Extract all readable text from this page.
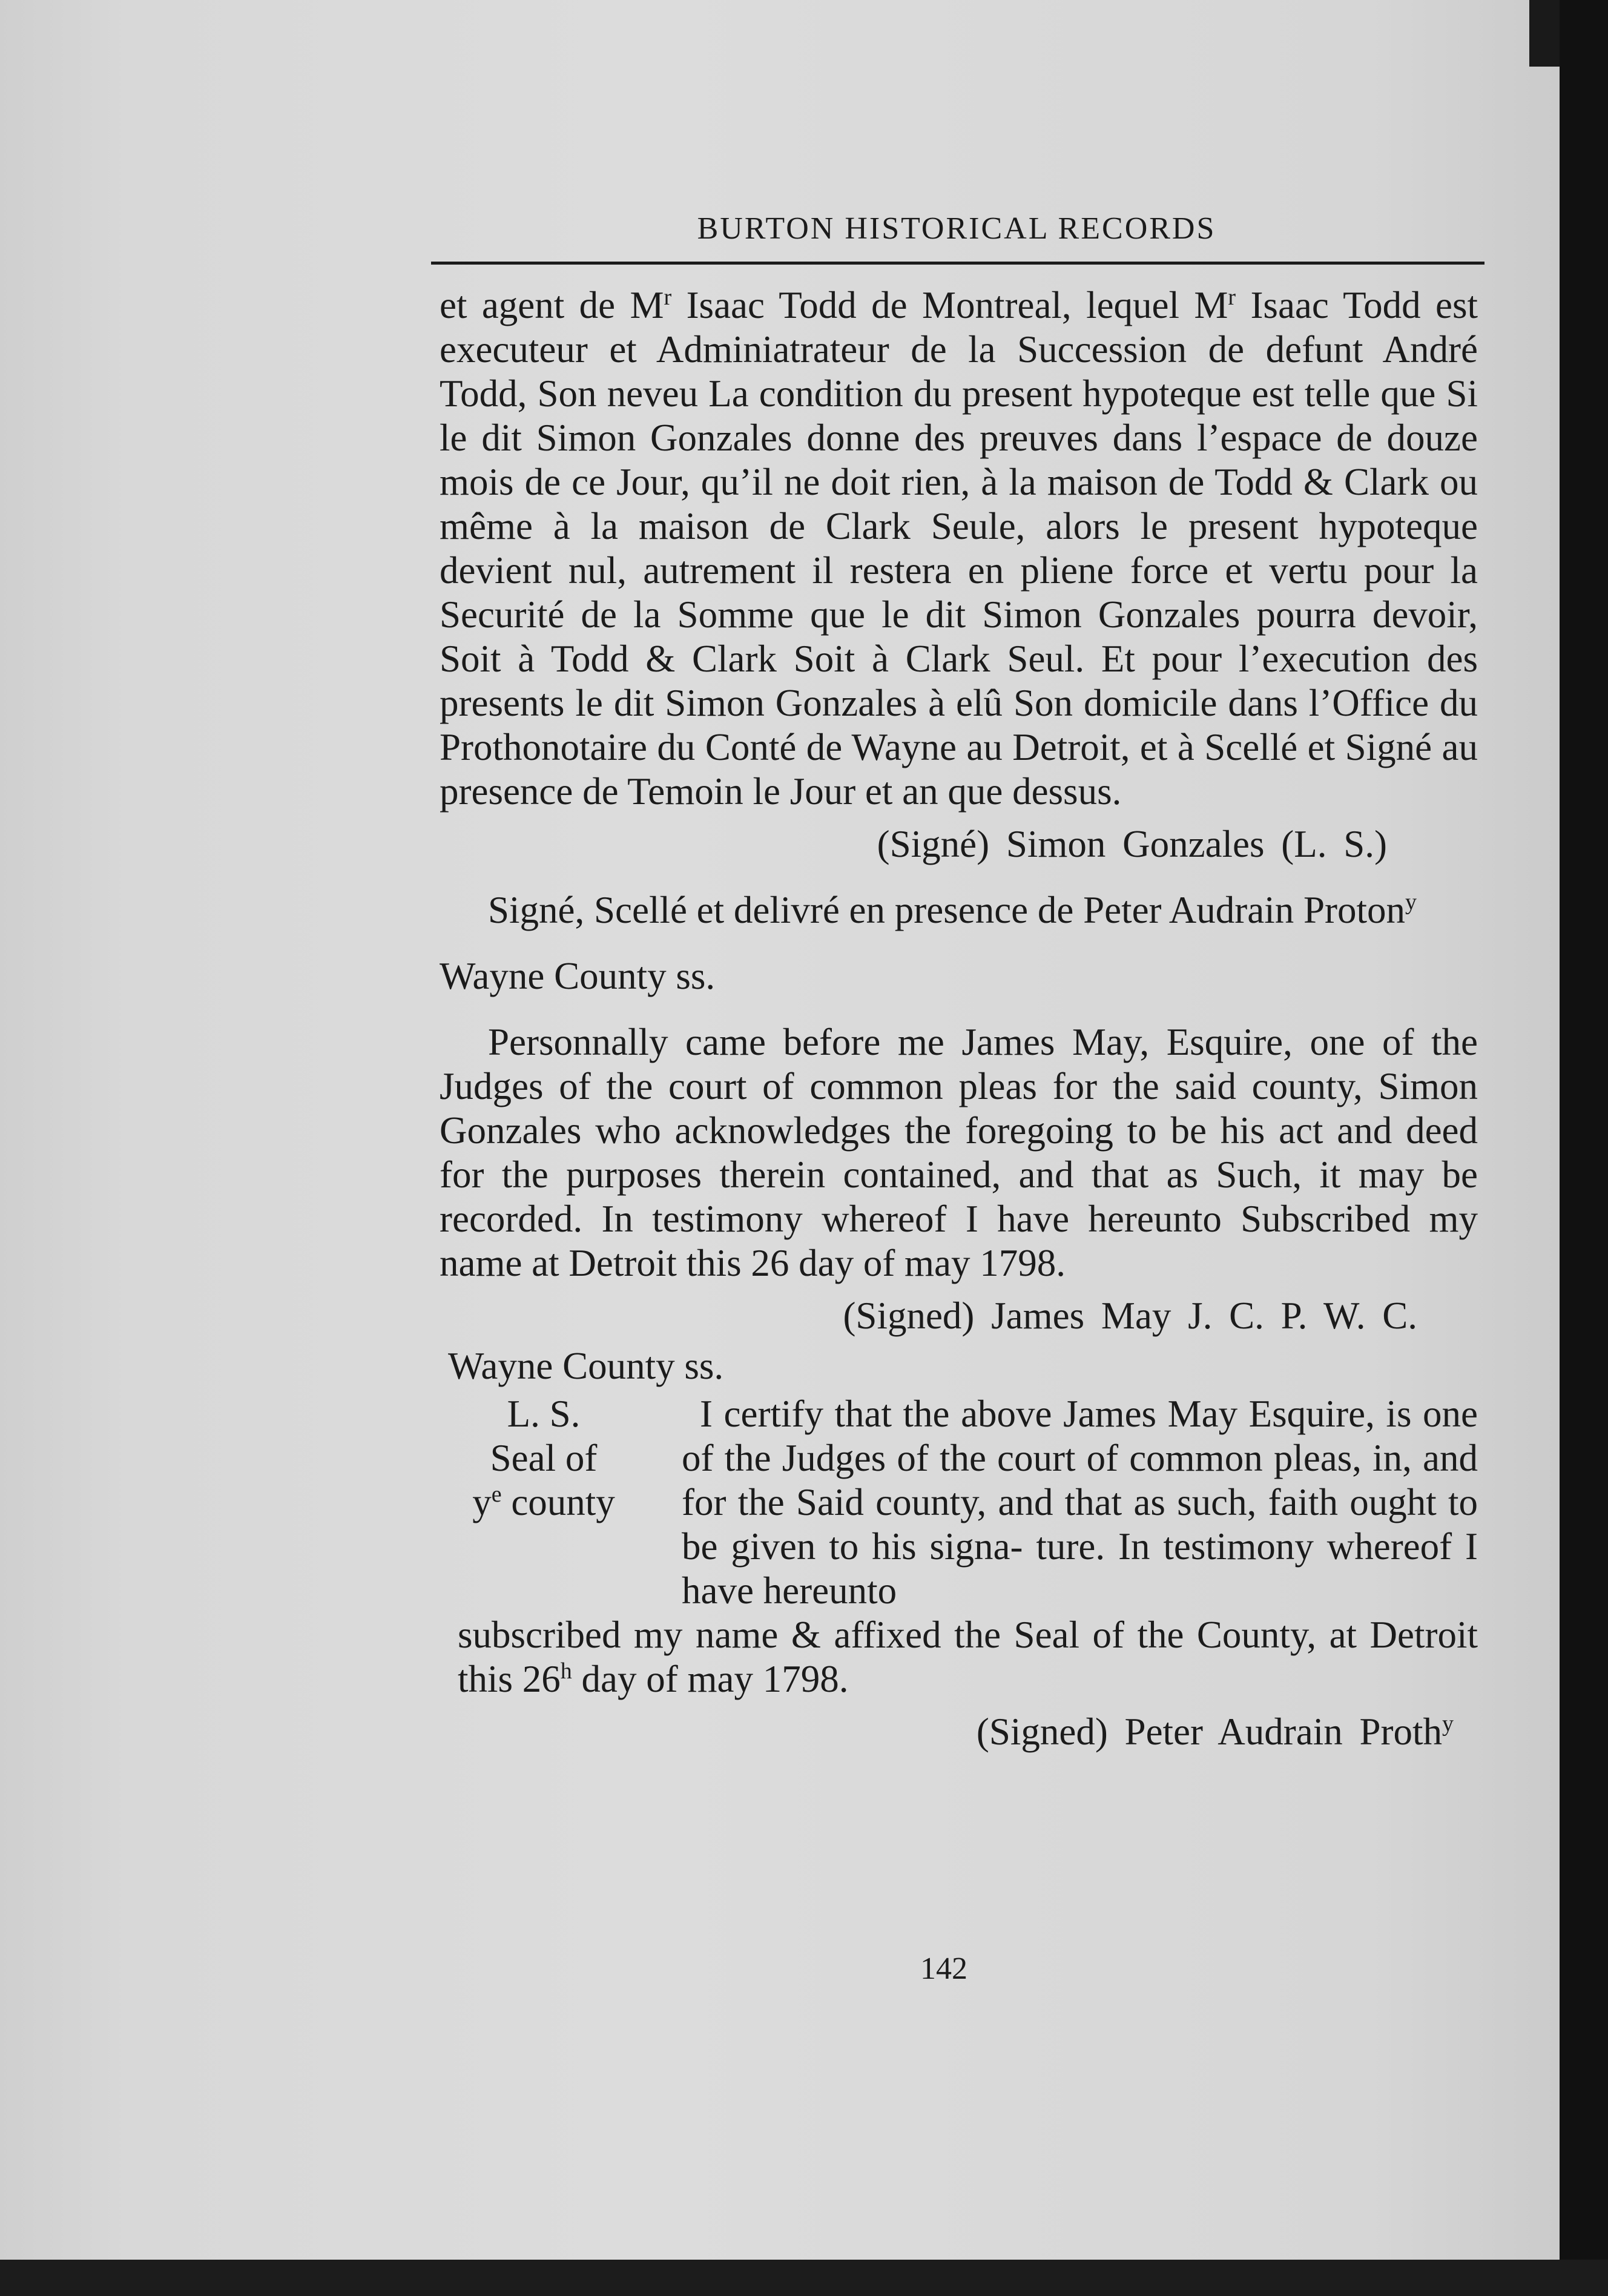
BURTON HISTORICAL RECORDS

et agent de $M^r$ Isaac Todd de Montreal, lequel $M^r$ Isaac Todd est executeur et Adminiatrateur de la Succession de defunt André Todd, Son neveu La condition du present hypoteque est telle que Si le dit Simon Gonzales donne des preuves dans l’espace de douze mois de ce Jour, qu’il ne doit rien, à la maison de Todd & Clark ou même à la maison de Clark Seule, alors le present hypoteque devient nul, autrement il restera en pliene force et vertu pour la Securité de la Somme que le dit Simon Gonzales pourra devoir, Soit à Todd & Clark Soit à Clark Seul. Et pour l’execution des presents le dit Simon Gonzales à elû Son domicile dans l’Office du Prothonotaire du Conté de Wayne au Detroit, et à Scellé et Signé au presence de Temoin le Jour et an que dessus.

(Signé) Simon Gonzales (L. S.)

Signé, Scellé et delivré en presence de Peter Audrain Proton$^y$

Wayne County ss.

Personnally came before me James May, Esquire, one of the Judges of the court of common pleas for the said county, Simon Gonzales who acknowledges the foregoing to be his act and deed for the purposes therein contained, and that as Such, it may be recorded. In testimony whereof I have hereunto Subscribed my name at Detroit this 26 day of may 1798.

(Signed) James May J. C. P. W. C.

Wayne County ss.

L. S.
Seal of
$y^e$ county

I certify that the above James May Esquire, is one of the Judges of the court of common pleas, in, and for the Said county, and that as such, faith ought to be given to his signa- ture. In testimony whereof I have hereunto

subscribed my name & affixed the Seal of the County, at Detroit this 26$^h$ day of may 1798.

(Signed) Peter Audrain Proth$^y$

142
